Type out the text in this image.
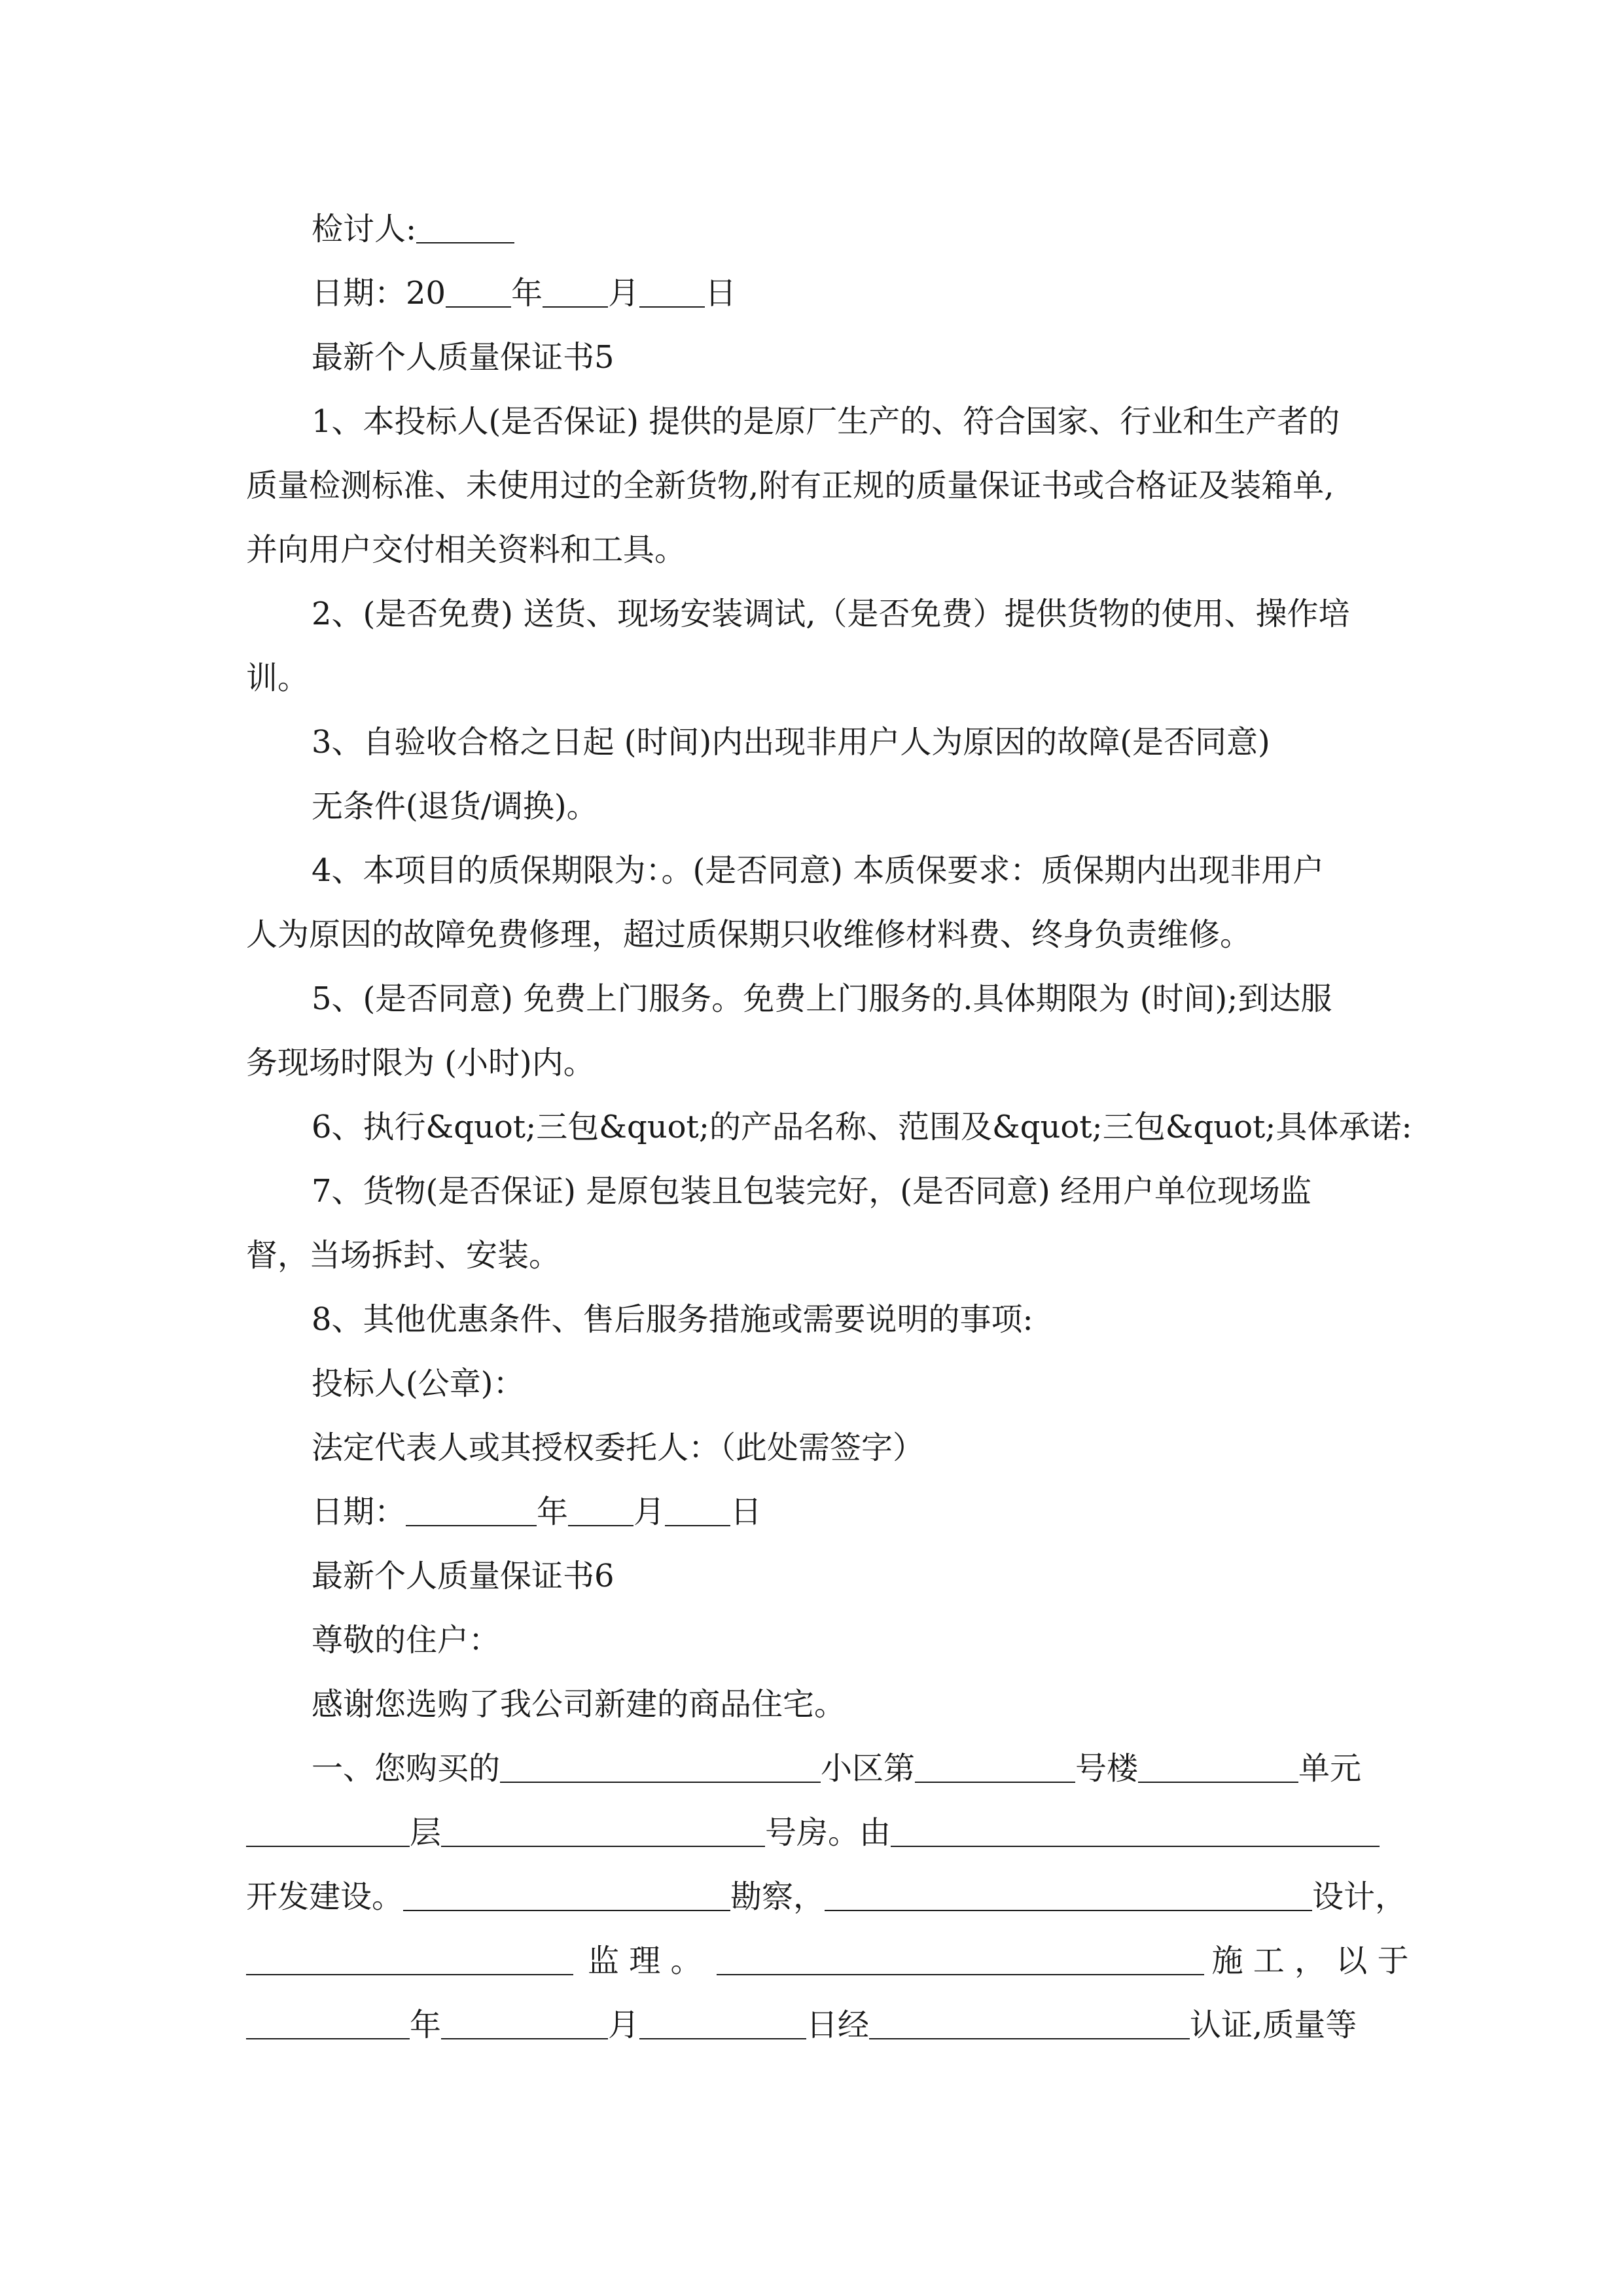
检讨人:
日期：20 年 月 日
最新个人质量保证书5
1、本投标人(是否保证) 提供的是原厂生产的、符合国家、行业和生产者的
质量检测标准、未使用过的全新货物,附有正规的质量保证书或合格证及装箱单,
并向用户交付相关资料和工具。
2、(是否免费) 送货、现场安装调试,（是否免费）提供货物的使用、操作培
训。
3、自验收合格之日起 (时间)内出现非用户人为原因的故障(是否同意)
无条件(退货/调换)。
4、本项目的质保期限为：。(是否同意) 本质保要求：质保期内出现非用户
人为原因的故障免费修理，超过质保期只收维修材料费、终身负责维修。
5、(是否同意) 免费上门服务。免费上门服务的.具体期限为 (时间);到达服
务现场时限为 (小时)内。
6、执行&quot;三包&quot;的产品名称、范围及&quot;三包&quot;具体承诺:
7、货物(是否保证) 是原包装且包装完好，(是否同意) 经用户单位现场监
督，当场拆封、安装。
8、其他优惠条件、售后服务措施或需要说明的事项:
投标人(公章)：
法定代表人或其授权委托人：（此处需签字）
日期：	年 月 日
最新个人质量保证书6
尊敬的住户：
感谢您选购了我公司新建的商品住宅。
一、您购买的	小区第	号楼	单元
层	号房。由
开发建设。	勘察，	设计，
监 理 。	施 工 ， 以 于
年	月	日经	认证,质量等
